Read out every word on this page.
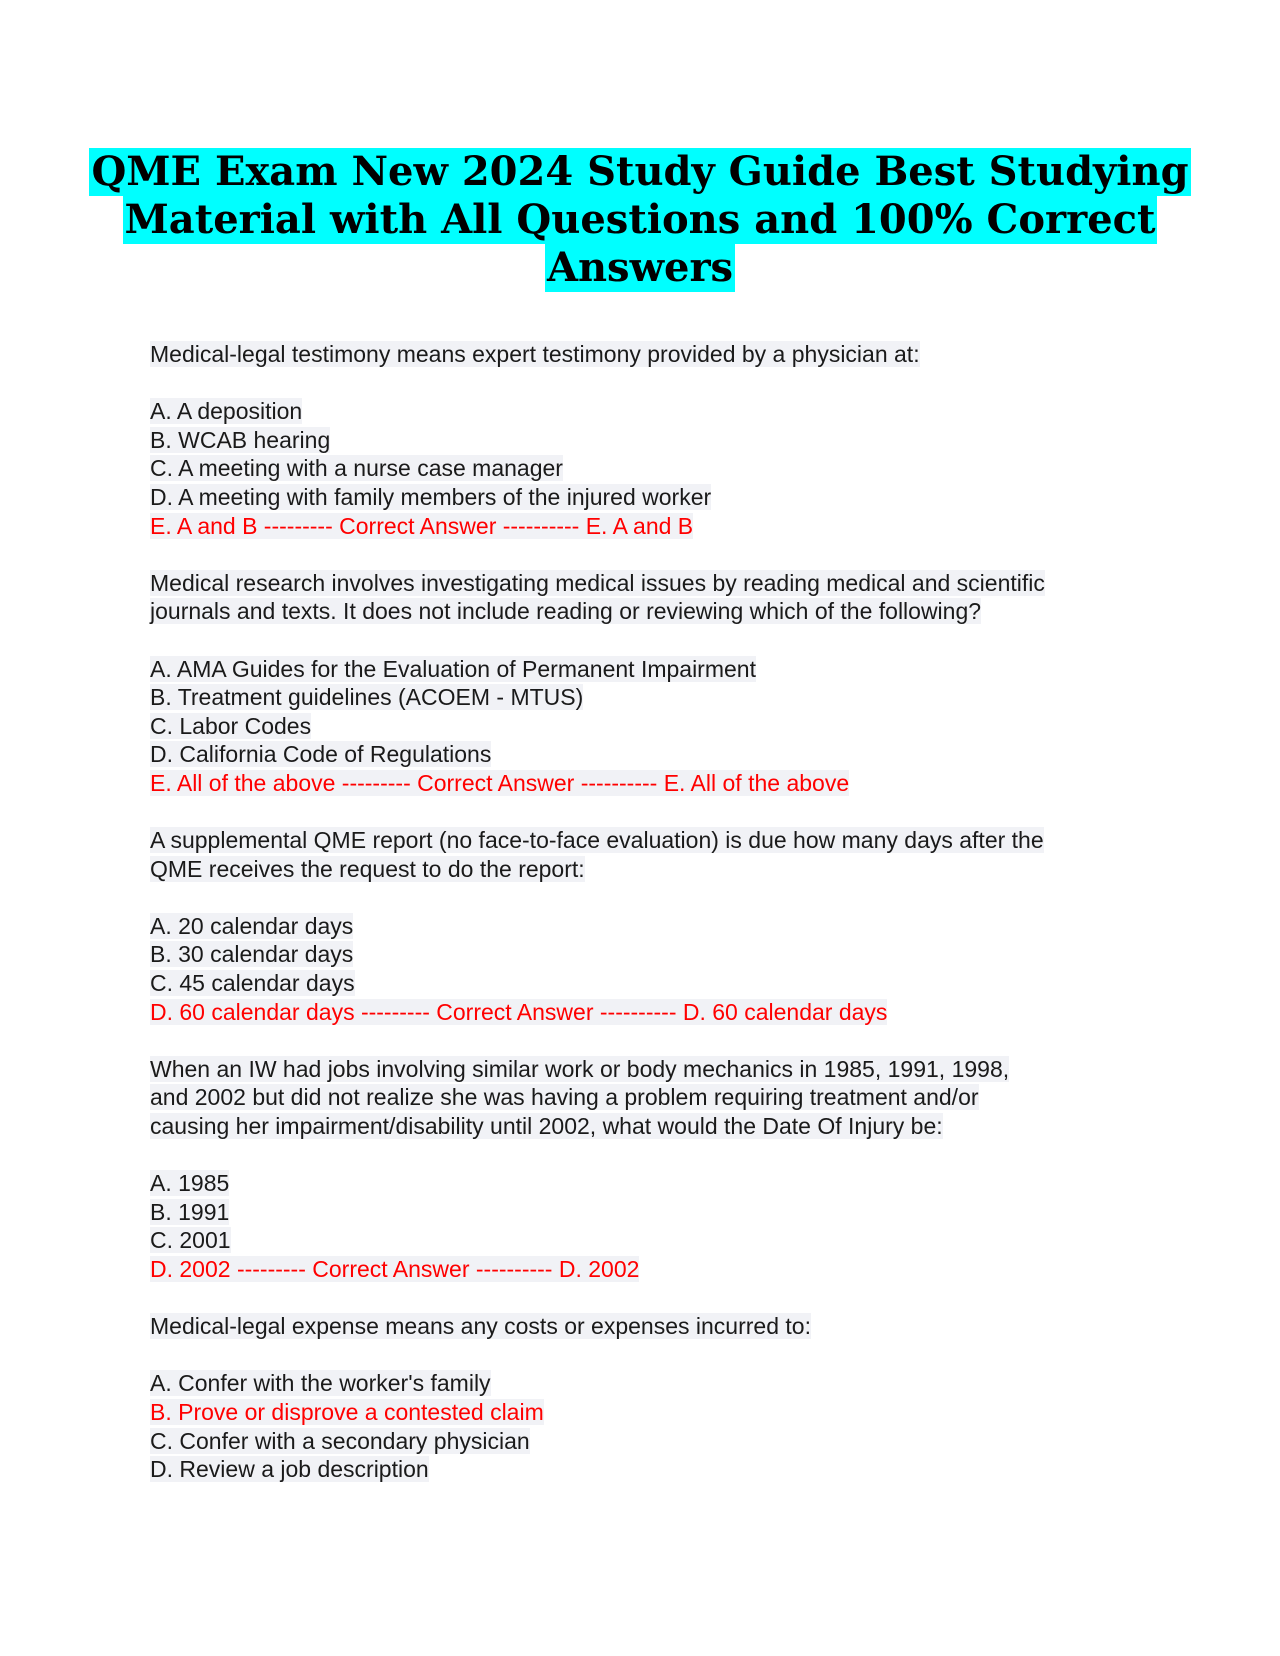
QME Exam New 2024 Study Guide Best Studying
Material with All Questions and 100% Correct
Answers
Medical-legal testimony means expert testimony provided by a physician at:
A. A deposition
B. WCAB hearing
C. A meeting with a nurse case manager
D. A meeting with family members of the injured worker
E. A and B --------- Correct Answer ---------- E. A and B
Medical research involves investigating medical issues by reading medical and scientific
journals and texts. It does not include reading or reviewing which of the following?
A. AMA Guides for the Evaluation of Permanent Impairment
B. Treatment guidelines (ACOEM - MTUS)
C. Labor Codes
D. California Code of Regulations
E. All of the above --------- Correct Answer ---------- E. All of the above
A supplemental QME report (no face-to-face evaluation) is due how many days after the
QME receives the request to do the report:
A. 20 calendar days
B. 30 calendar days
C. 45 calendar days
D. 60 calendar days --------- Correct Answer ---------- D. 60 calendar days
When an IW had jobs involving similar work or body mechanics in 1985, 1991, 1998,
and 2002 but did not realize she was having a problem requiring treatment and/or
causing her impairment/disability until 2002, what would the Date Of Injury be:
A. 1985
B. 1991
C. 2001
D. 2002 --------- Correct Answer ---------- D. 2002
Medical-legal expense means any costs or expenses incurred to:
A. Confer with the worker's family
B. Prove or disprove a contested claim
C. Confer with a secondary physician
D. Review a job description
